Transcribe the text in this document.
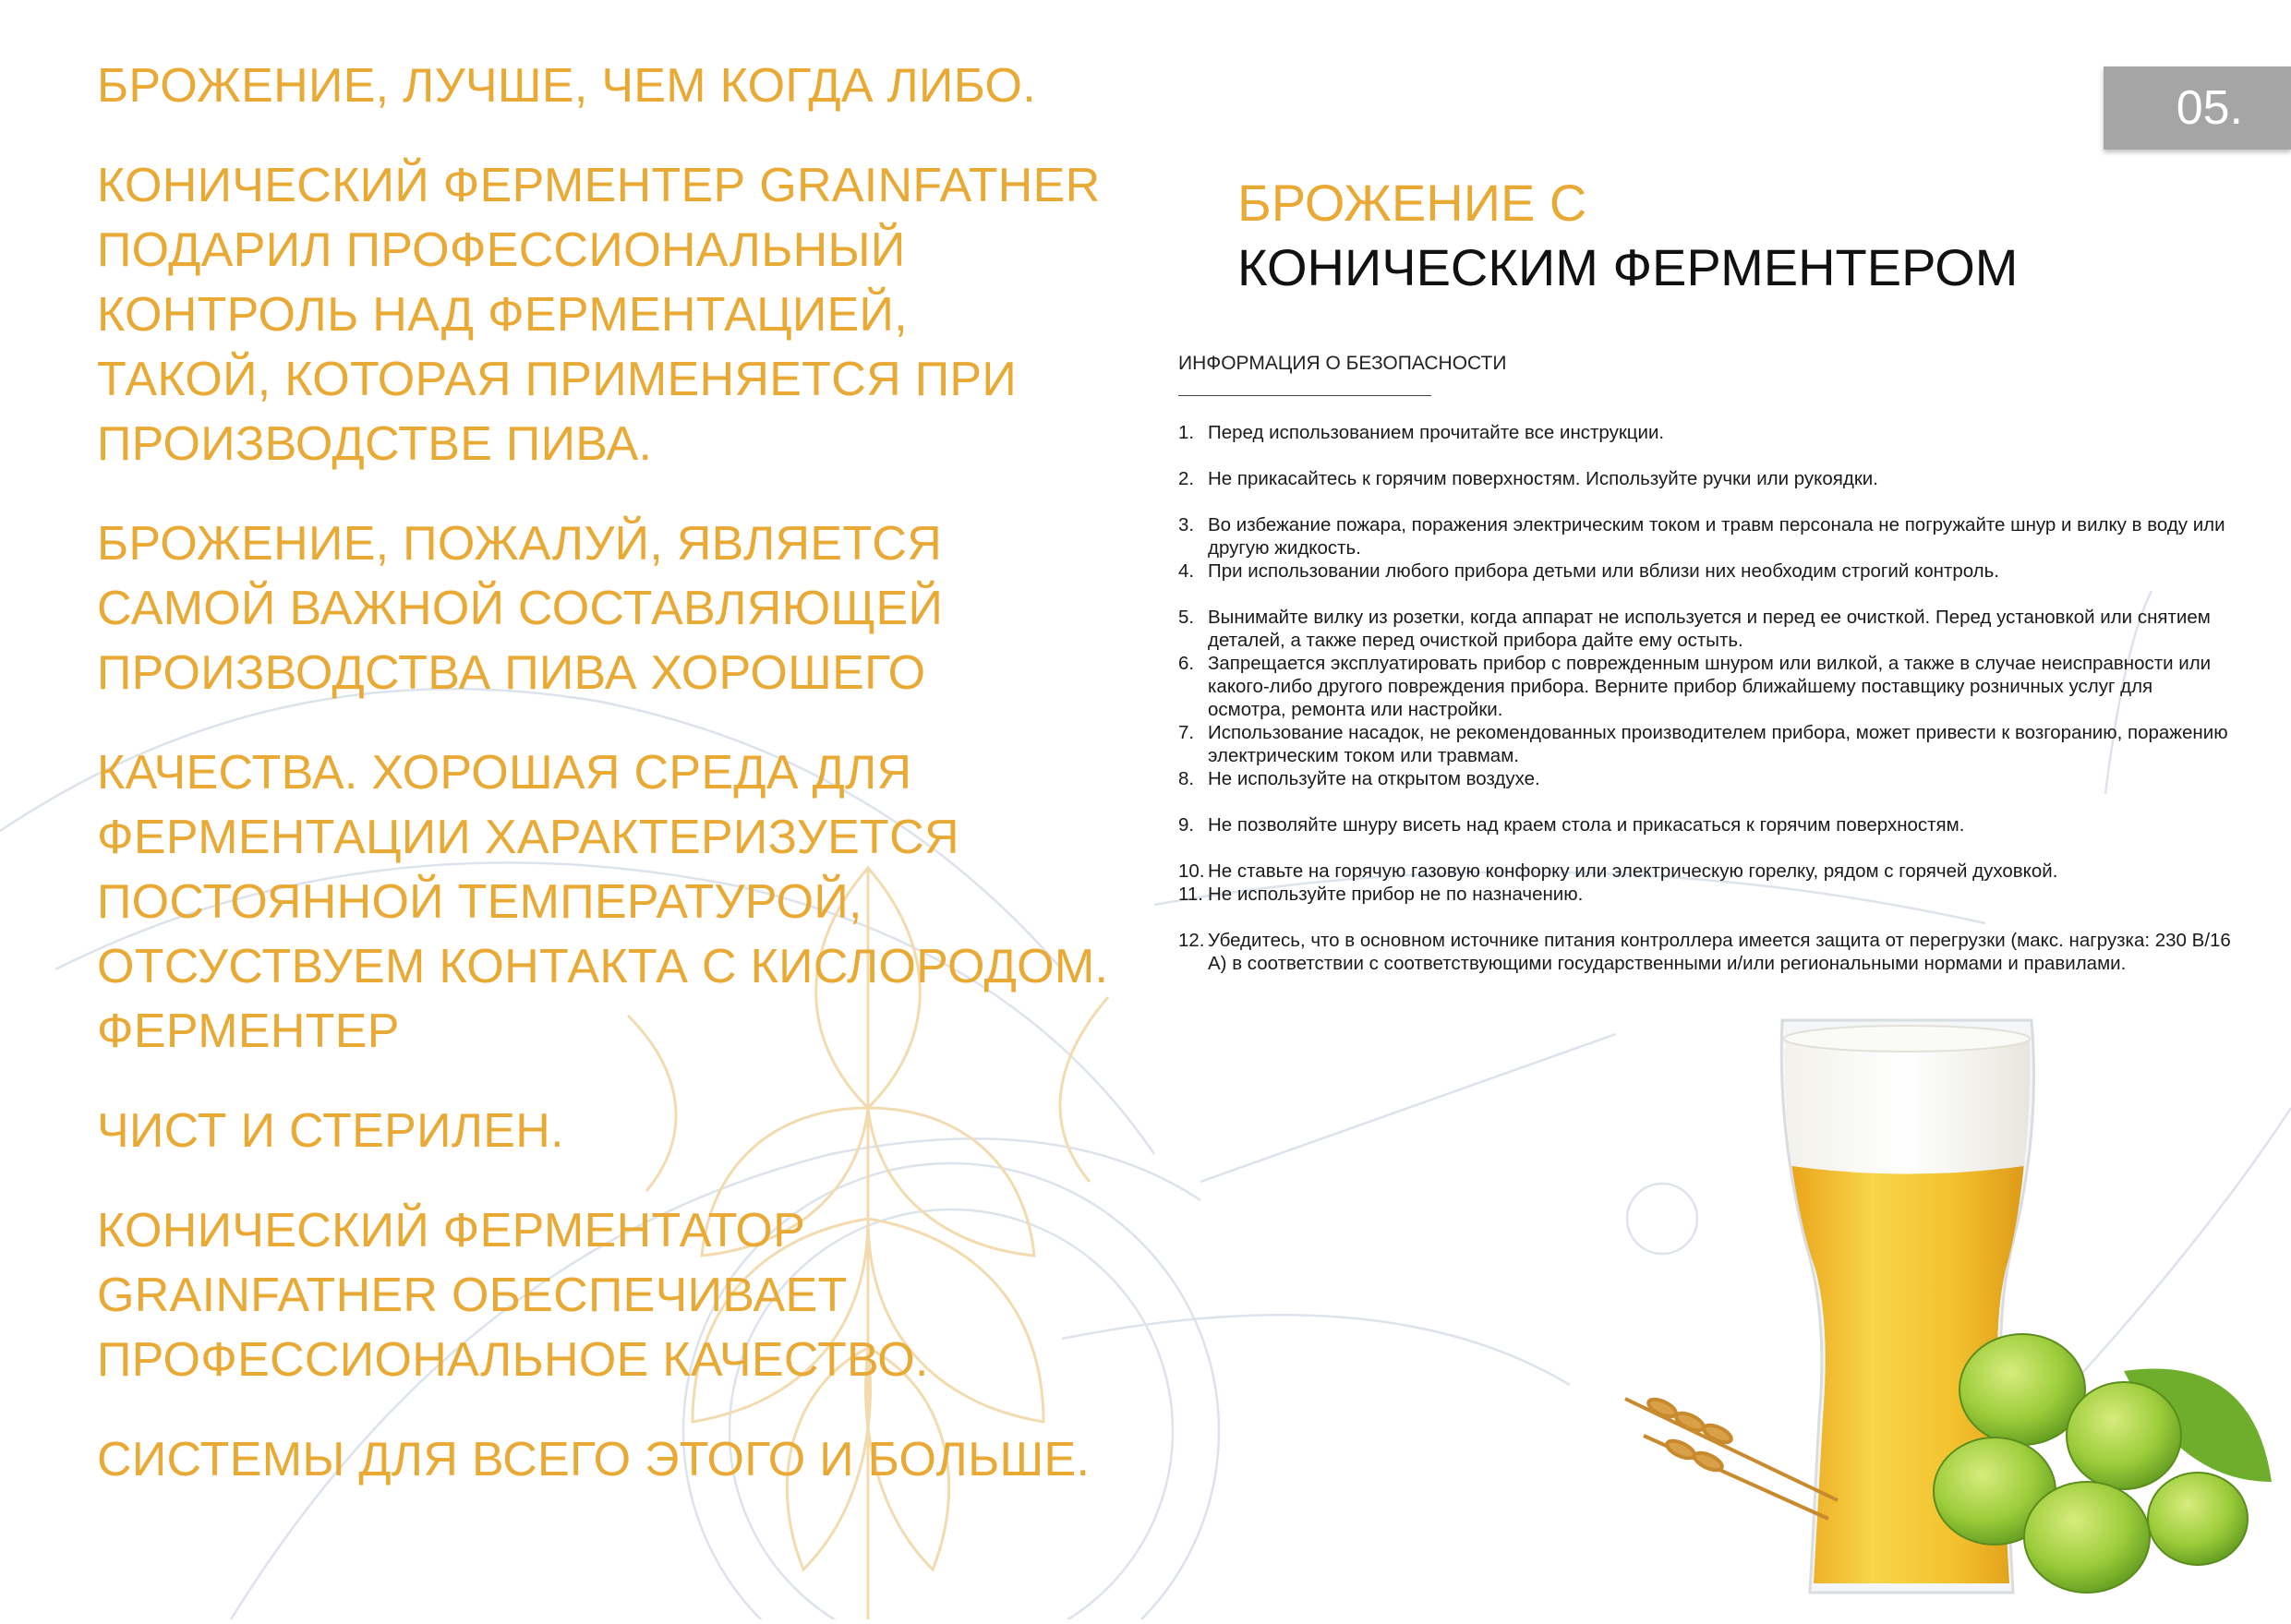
БРОЖЕНИЕ, ЛУЧШЕ, ЧЕМ КОГДА ЛИБО.

КОНИЧЕСКИЙ ФЕРМЕНТЕР GRAINFATHER
ПОДАРИЛ ПРОФЕССИОНАЛЬНЫЙ
КОНТРОЛЬ НАД ФЕРМЕНТАЦИЕЙ,
ТАКОЙ, КОТОРАЯ ПРИМЕНЯЕТСЯ ПРИ
ПРОИЗВОДСТВЕ ПИВА.

БРОЖЕНИЕ, ПОЖАЛУЙ, ЯВЛЯЕТСЯ
САМОЙ ВАЖНОЙ СОСТАВЛЯЮЩЕЙ
ПРОИЗВОДСТВА ПИВА ХОРОШЕГО

КАЧЕСТВА. ХОРОШАЯ СРЕДА ДЛЯ
ФЕРМЕНТАЦИИ ХАРАКТЕРИЗУЕТСЯ
ПОСТОЯННОЙ ТЕМПЕРАТУРОЙ,
ОТСУСТВУЕМ КОНТАКТА С КИСЛОРОДОМ.
ФЕРМЕНТЕР

ЧИСТ И СТЕРИЛЕН.

КОНИЧЕСКИЙ ФЕРМЕНТАТОР
GRAINFATHER ОБЕСПЕЧИВАЕТ
ПРОФЕССИОНАЛЬНОЕ КАЧЕСТВО.

СИСТЕМЫ ДЛЯ ВСЕГО ЭТОГО И БОЛЬШЕ.

05.
БРОЖЕНИЕ С
КОНИЧЕСКИМ ФЕРМЕНТЕРОМ
ИНФОРМАЦИЯ О БЕЗОПАСНОСТИ
1. Перед использованием прочитайте все инструкции.
2. Не прикасайтесь к горячим поверхностям. Используйте ручки или рукоядки.
3. Во избежание пожара, поражения электрическим током и травм персонала не погружайте шнур и вилку в воду или другую жидкость.
4. При использовании любого прибора детьми или вблизи них необходим строгий контроль.
5. Вынимайте вилку из розетки, когда аппарат не используется и перед ее очисткой. Перед установкой или снятием деталей, а также перед очисткой прибора дайте ему остыть.
6. Запрещается эксплуатировать прибор с поврежденным шнуром или вилкой, а также в случае неисправности или какого-либо другого повреждения прибора. Верните прибор ближайшему поставщику розничных услуг для осмотра, ремонта или настройки.
7. Использование насадок, не рекомендованных производителем прибора, может привести к возгоранию, поражению электрическим током или травмам.
8. Не используйте на открытом воздухе.
9. Не позволяйте шнуру висеть над краем стола и прикасаться к горячим поверхностям.
10. Не ставьте на горячую газовую конфорку или электрическую горелку, рядом с горячей духовкой.
11. Не используйте прибор не по назначению.
12. Убедитесь, что в основном источнике питания контроллера имеется защита от перегрузки (макс. нагрузка: 230 В/16 А) в соответствии с соответствующими государственными и/или региональными нормами и правилами.
